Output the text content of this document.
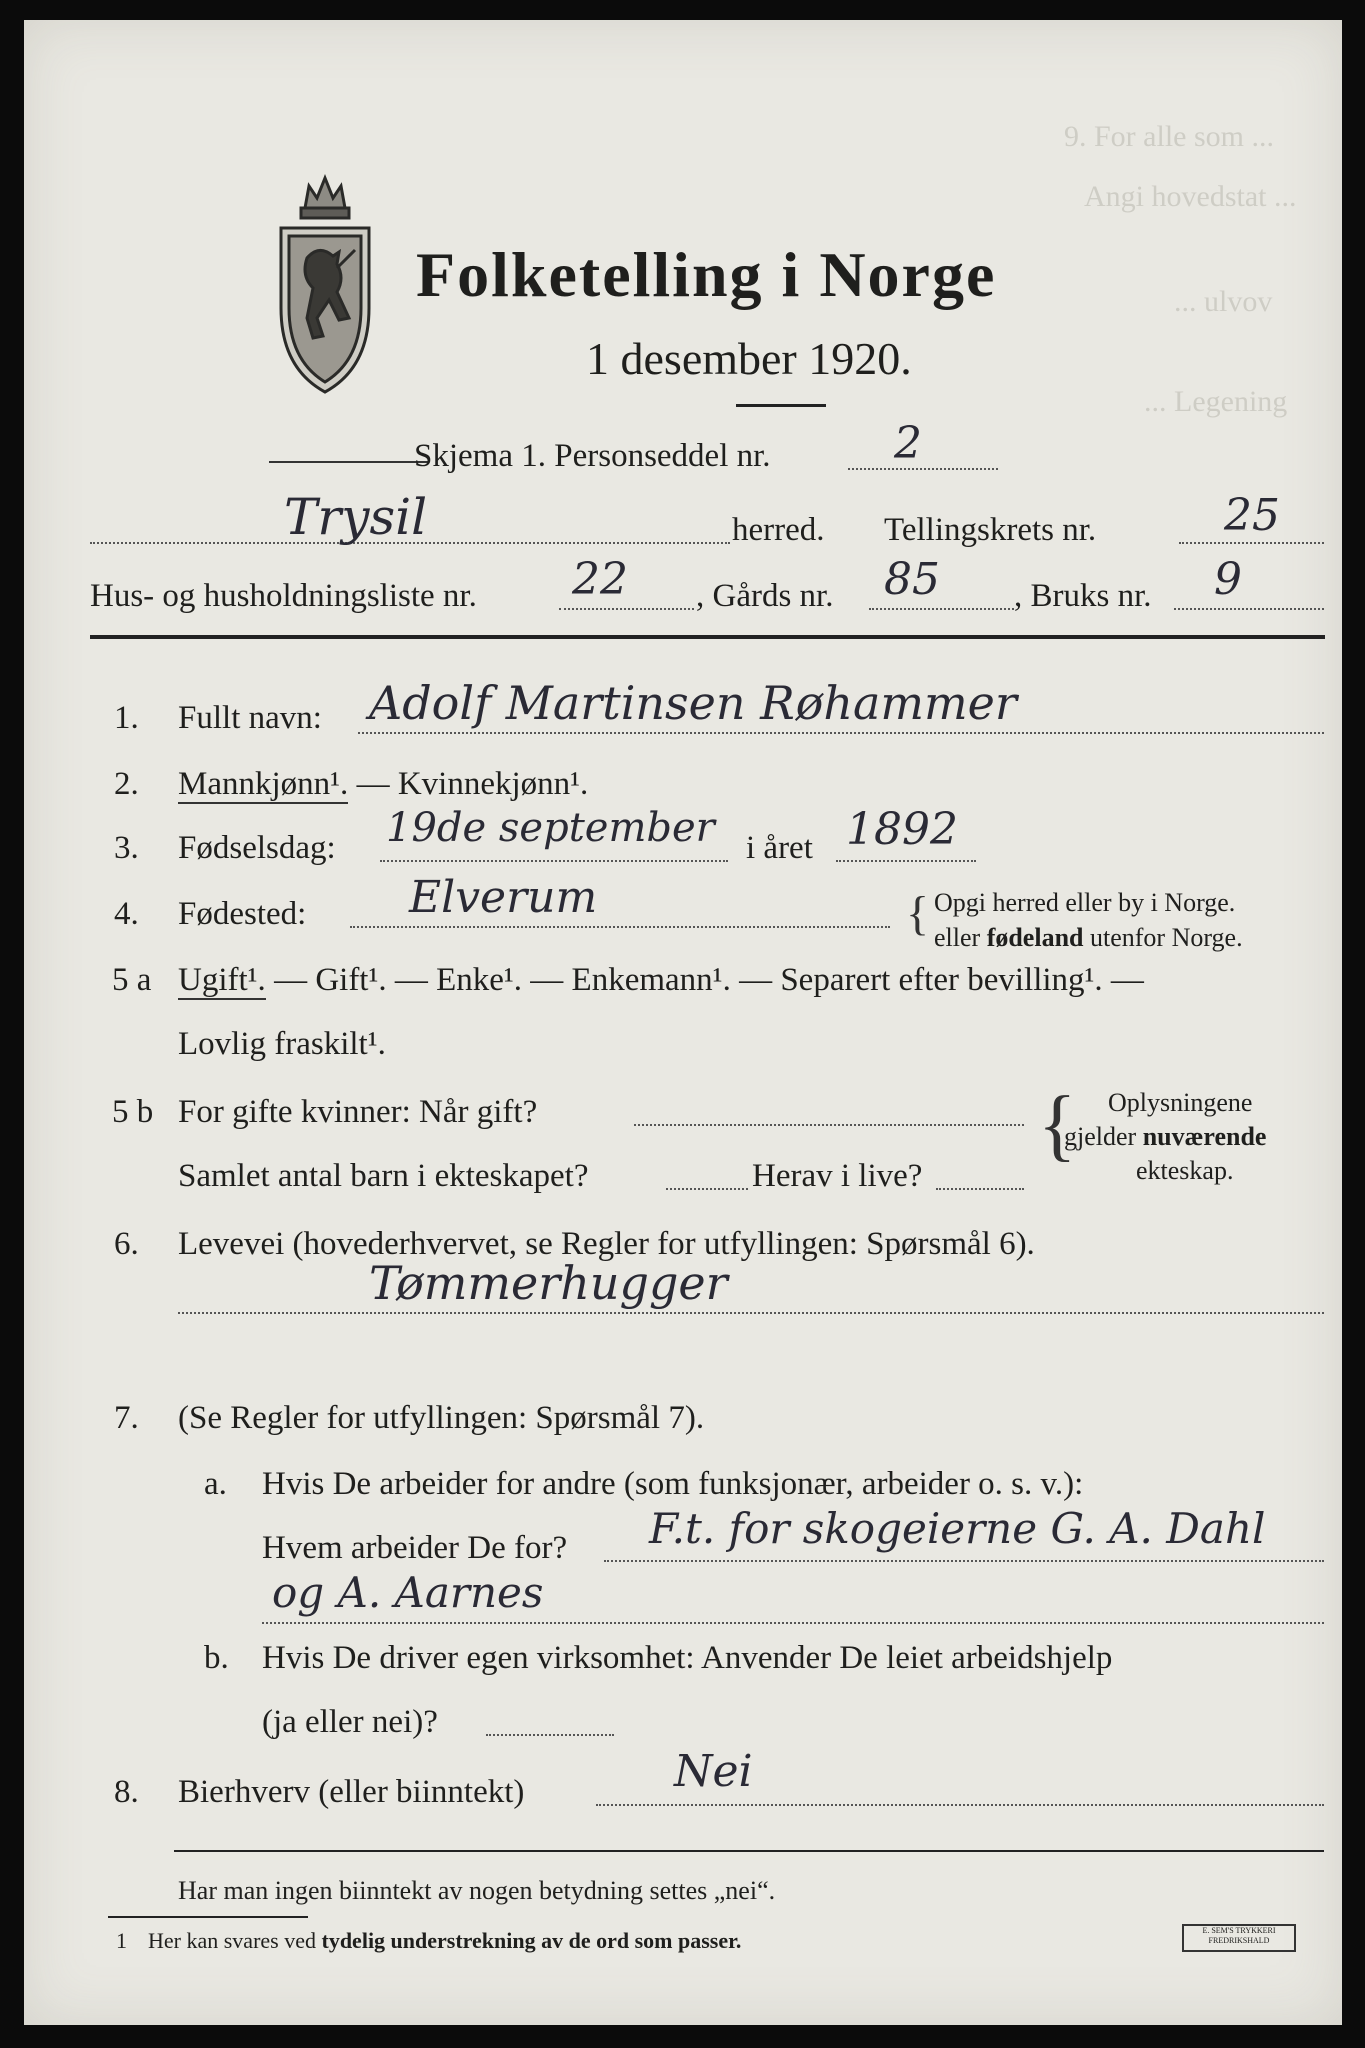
9. For alle som ...
Angi hovedstat ...
... ulvov
... Legening
Folketelling i Norge
1 desember 1920.
Skjema 1. Personseddel nr.	2
Trysil	herred. Tellingskrets nr.	25
Hus- og husholdningsliste nr. 22 , Gårds nr. 85 , Bruks nr. 9
1. Fullt navn: Adolf Martinsen Røhammer
2. Mannkjønn¹. — Kvinnekjønn¹.
3. Fødselsdag: 19de september i året 1892
4. Fødested: Elverum	{ Opgi herred eller by i Norge.
eller fødeland utenfor Norge.
5 a Ugift¹. — Gift¹. — Enke¹. — Enkemann¹. — Separert efter bevilling¹. —
Lovlig fraskilt¹.
5 b For gifte kvinner: Når gift?
Samlet antal barn i ekteskapet?	Herav i live?
{ Oplysningene
gjelder nuværende
ekteskap.
6. Levevei (hovederhvervet, se Regler for utfyllingen: Spørsmål 6).
Tømmerhugger
7. (Se Regler for utfyllingen: Spørsmål 7).
a. Hvis De arbeider for andre (som funksjonær, arbeider o. s. v.):
Hvem arbeider De for? F.t. for skogeierne G. A. Dahl
og A. Aarnes
b. Hvis De driver egen virksomhet: Anvender De leiet arbeidshjelp
(ja eller nei)?
8. Bierhverv (eller biinntekt)	Nei
Har man ingen biinntekt av nogen betydning settes „nei“.
1 Her kan svares ved tydelig understrekning av de ord som passer.	E. SEM'S TRYKKERI FREDRIKSHALD
